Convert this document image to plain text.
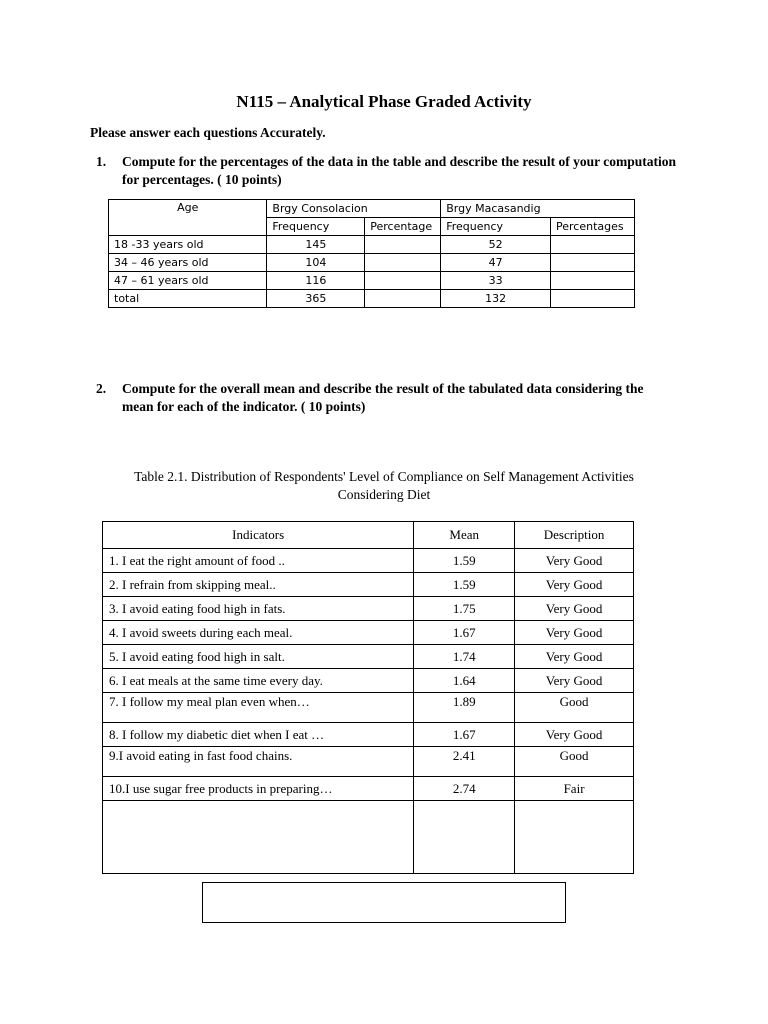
N115 – Analytical Phase Graded Activity
Please answer each questions Accurately.
1. Compute for the percentages of the data in the table and describe the result of your computation for percentages. ( 10 points)
Age	Brgy Consolacion		Brgy Macasandig	
	Frequency	Percentage	Frequency	Percentages
18 -33 years old	145		52	
34 – 46 years old	104		47	
47 – 61 years old	116		33	
total	365		132	
2. Compute for the overall mean and describe the result of the tabulated data considering the mean for each of the indicator. ( 10 points)
Table 2.1. Distribution of Respondents' Level of Compliance on Self Management Activities
Considering Diet
Indicators	Mean	Description
1. I eat the right amount of food ..	1.59	Very Good
2. I refrain from skipping meal..	1.59	Very Good
3. I avoid eating food high in fats.	1.75	Very Good
4. I avoid sweets during each meal.	1.67	Very Good
5. I avoid eating food high in salt.	1.74	Very Good
6. I eat meals at the same time every day.	1.64	Very Good
7. I follow my meal plan even when…	1.89	Good
8. I follow my diabetic diet when I eat …	1.67	Very Good
9.I avoid eating in fast food chains.	2.41	Good
10.I use sugar free products in preparing…	2.74	Fair
